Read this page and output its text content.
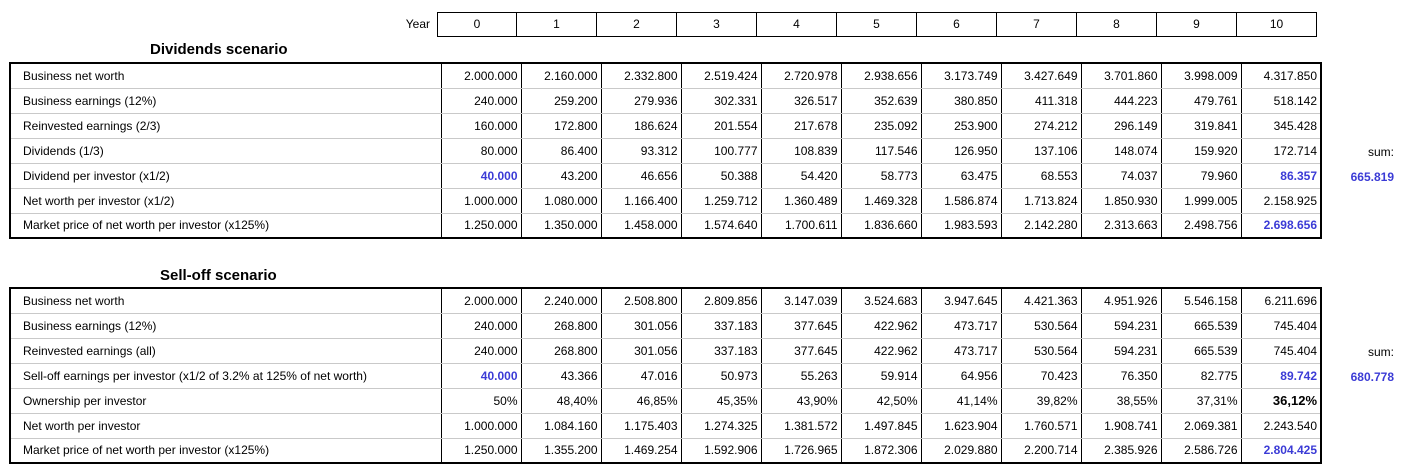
Year	0	1	2	3	4	5	6	7	8	9	10
Dividends scenario
Business net worth	2.000.000	2.160.000	2.332.800	2.519.424	2.720.978	2.938.656	3.173.749	3.427.649	3.701.860	3.998.009	4.317.850
Business earnings (12%)	240.000	259.200	279.936	302.331	326.517	352.639	380.850	411.318	444.223	479.761	518.142
Reinvested earnings (2/3)	160.000	172.800	186.624	201.554	217.678	235.092	253.900	274.212	296.149	319.841	345.428
Dividends (1/3)	80.000	86.400	93.312	100.777	108.839	117.546	126.950	137.106	148.074	159.920	172.714
Dividend per investor (x1/2)	40.000	43.200	46.656	50.388	54.420	58.773	63.475	68.553	74.037	79.960	86.357
Net worth per investor (x1/2)	1.000.000	1.080.000	1.166.400	1.259.712	1.360.489	1.469.328	1.586.874	1.713.824	1.850.930	1.999.005	2.158.925
Market price of net worth per investor (x125%)	1.250.000	1.350.000	1.458.000	1.574.640	1.700.611	1.836.660	1.983.593	2.142.280	2.313.663	2.498.756	2.698.656
sum:
665.819
Sell-off scenario
Business net worth	2.000.000	2.240.000	2.508.800	2.809.856	3.147.039	3.524.683	3.947.645	4.421.363	4.951.926	5.546.158	6.211.696
Business earnings (12%)	240.000	268.800	301.056	337.183	377.645	422.962	473.717	530.564	594.231	665.539	745.404
Reinvested earnings (all)	240.000	268.800	301.056	337.183	377.645	422.962	473.717	530.564	594.231	665.539	745.404
Sell-off earnings per investor (x1/2 of 3.2% at 125% of net worth)	40.000	43.366	47.016	50.973	55.263	59.914	64.956	70.423	76.350	82.775	89.742
Ownership per investor	50%	48,40%	46,85%	45,35%	43,90%	42,50%	41,14%	39,82%	38,55%	37,31%	36,12%
Net worth per investor	1.000.000	1.084.160	1.175.403	1.274.325	1.381.572	1.497.845	1.623.904	1.760.571	1.908.741	2.069.381	2.243.540
Market price of net worth per investor (x125%)	1.250.000	1.355.200	1.469.254	1.592.906	1.726.965	1.872.306	2.029.880	2.200.714	2.385.926	2.586.726	2.804.425
sum:
680.778
